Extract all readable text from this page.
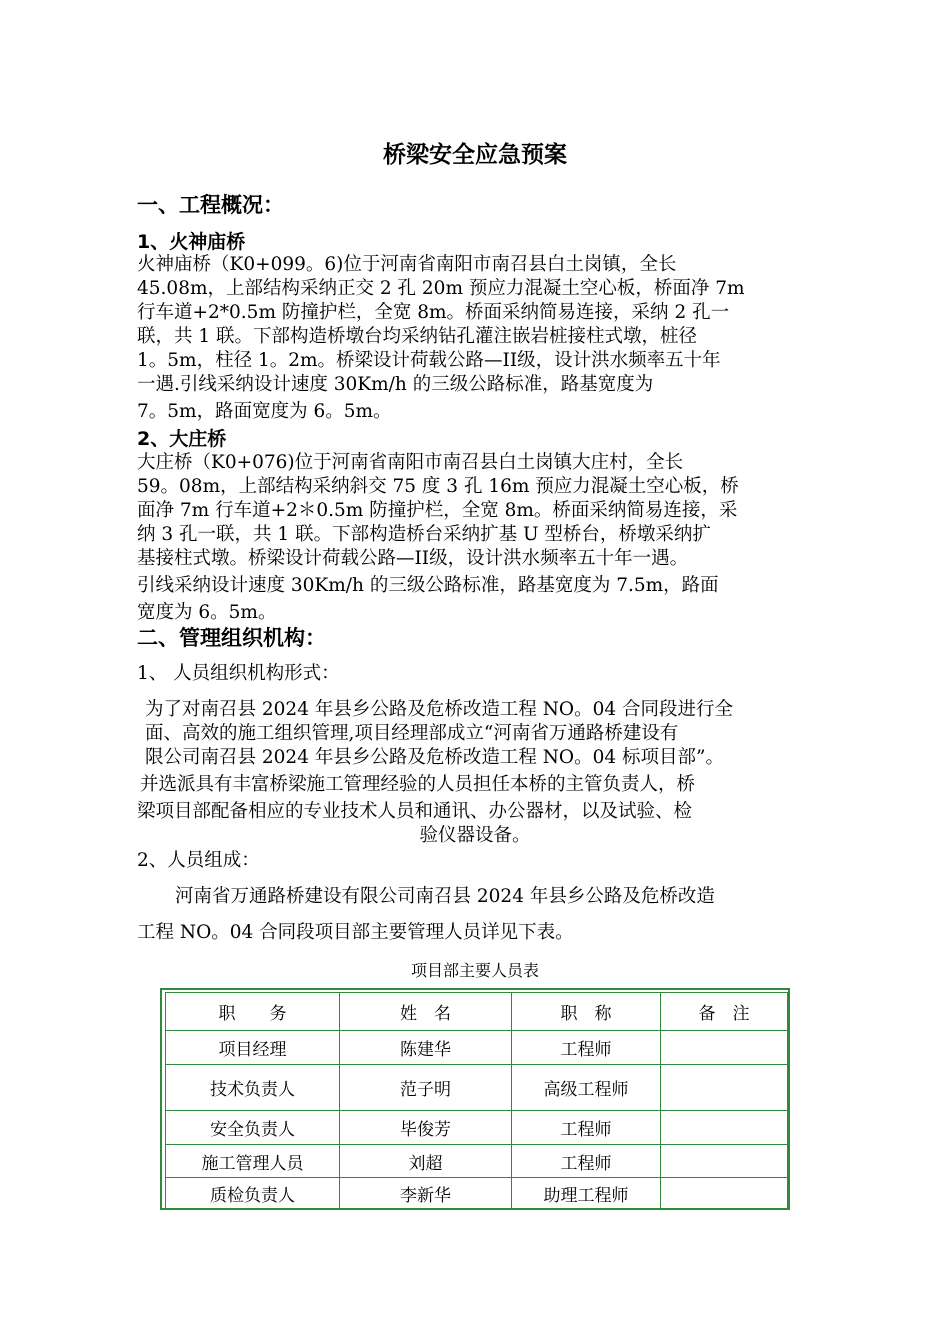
桥梁安全应急预案
一、工程概况：
1、火神庙桥
火神庙桥（K0+099。6)位于河南省南阳市南召县白土岗镇，全长
45.08m，上部结构采纳正交 2 孔 20m 预应力混凝土空心板，桥面净 7m
行车道+2*0.5m 防撞护栏，全宽 8m。桥面采纳简易连接，采纳 2 孔一
联，共 1 联。下部构造桥墩台均采纳钻孔灌注嵌岩桩接柱式墩，桩径
1。5m，柱径 1。2m。桥梁设计荷载公路—II级，设计洪水频率五十年
一遇.引线采纳设计速度 30Km/h 的三级公路标准，路基宽度为
7。5m，路面宽度为 6。5m。
2、大庄桥
大庄桥（K0+076)位于河南省南阳市南召县白土岗镇大庄村，全长
59。08m，上部结构采纳斜交 75 度 3 孔 16m 预应力混凝土空心板，桥
面净 7m 行车道+2＊0.5m 防撞护栏，全宽 8m。桥面采纳简易连接，采
纳 3 孔一联，共 1 联。下部构造桥台采纳扩基 U 型桥台，桥墩采纳扩
基接柱式墩。桥梁设计荷载公路—II级，设计洪水频率五十年一遇。
引线采纳设计速度 30Km/h 的三级公路标准，路基宽度为 7.5m，路面
宽度为 6。5m。
二、管理组织机构：
1、 人员组织机构形式：
为了对南召县 2024 年县乡公路及危桥改造工程 NO。04 合同段进行全
面、高效的施工组织管理,项目经理部成立“河南省万通路桥建设有
限公司南召县 2024 年县乡公路及危桥改造工程 NO。04 标项目部”。
并选派具有丰富桥梁施工管理经验的人员担任本桥的主管负责人，桥
梁项目部配备相应的专业技术人员和通讯、办公器材，以及试验、检
验仪器设备。
2、人员组成：
河南省万通路桥建设有限公司南召县 2024 年县乡公路及危桥改造
工程 NO。04 合同段项目部主要管理人员详见下表。
项目部主要人员表
职　　务	姓　名	职　称	备　注
项目经理	陈建华	工程师	
技术负责人	范子明	高级工程师	
安全负责人	毕俊芳	工程师	
施工管理人员	刘超	工程师	
质检负责人	李新华	助理工程师	
